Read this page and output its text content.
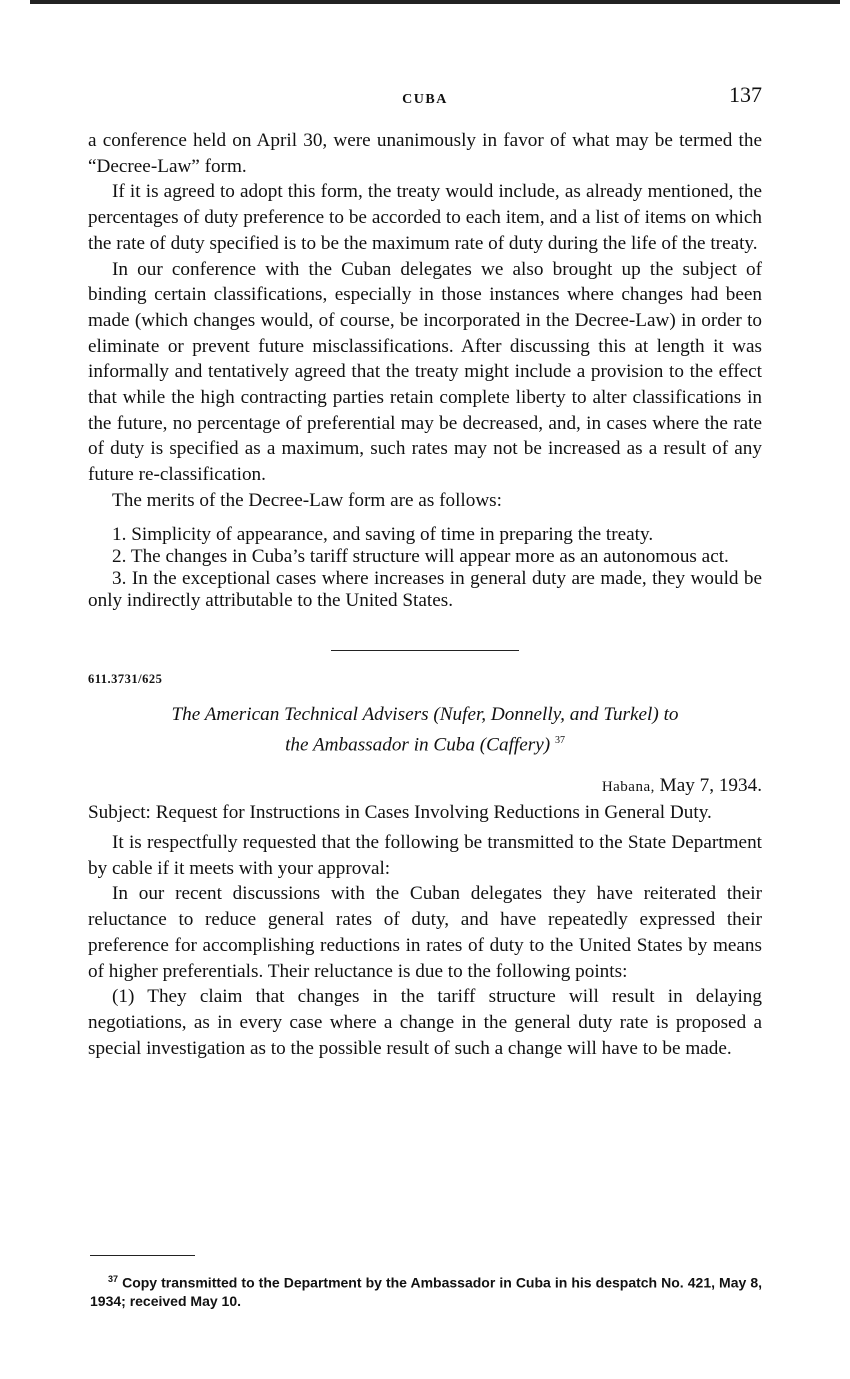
CUBA	137

a conference held on April 30, were unanimously in favor of what may be termed the “Decree-Law” form.

If it is agreed to adopt this form, the treaty would include, as already mentioned, the percentages of duty preference to be accorded to each item, and a list of items on which the rate of duty specified is to be the maximum rate of duty during the life of the treaty.

In our conference with the Cuban delegates we also brought up the subject of binding certain classifications, especially in those instances where changes had been made (which changes would, of course, be incorporated in the Decree-Law) in order to eliminate or prevent future misclassifications. After discussing this at length it was informally and tentatively agreed that the treaty might include a provision to the effect that while the high contracting parties retain complete liberty to alter classifications in the future, no percentage of preferential may be decreased, and, in cases where the rate of duty is specified as a maximum, such rates may not be increased as a result of any future re-classification.

The merits of the Decree-Law form are as follows:

1. Simplicity of appearance, and saving of time in preparing the treaty.
2. The changes in Cuba’s tariff structure will appear more as an autonomous act.
3. In the exceptional cases where increases in general duty are made, they would be only indirectly attributable to the United States.
611.3731/625
The American Technical Advisers (Nufer, Donnelly, and Turkel) to
the Ambassador in Cuba (Caffery) $^{37}$
Habana, May 7, 1934.

Subject: Request for Instructions in Cases Involving Reductions in General Duty.

It is respectfully requested that the following be transmitted to the State Department by cable if it meets with your approval:

In our recent discussions with the Cuban delegates they have reiterated their reluctance to reduce general rates of duty, and have repeatedly expressed their preference for accomplishing reductions in rates of duty to the United States by means of higher preferentials. Their reluctance is due to the following points:

(1) They claim that changes in the tariff structure will result in delaying negotiations, as in every case where a change in the general duty rate is proposed a special investigation as to the possible result of such a change will have to be made.

$^{37}$ Copy transmitted to the Department by the Ambassador in Cuba in his despatch No. 421, May 8, 1934; received May 10.
